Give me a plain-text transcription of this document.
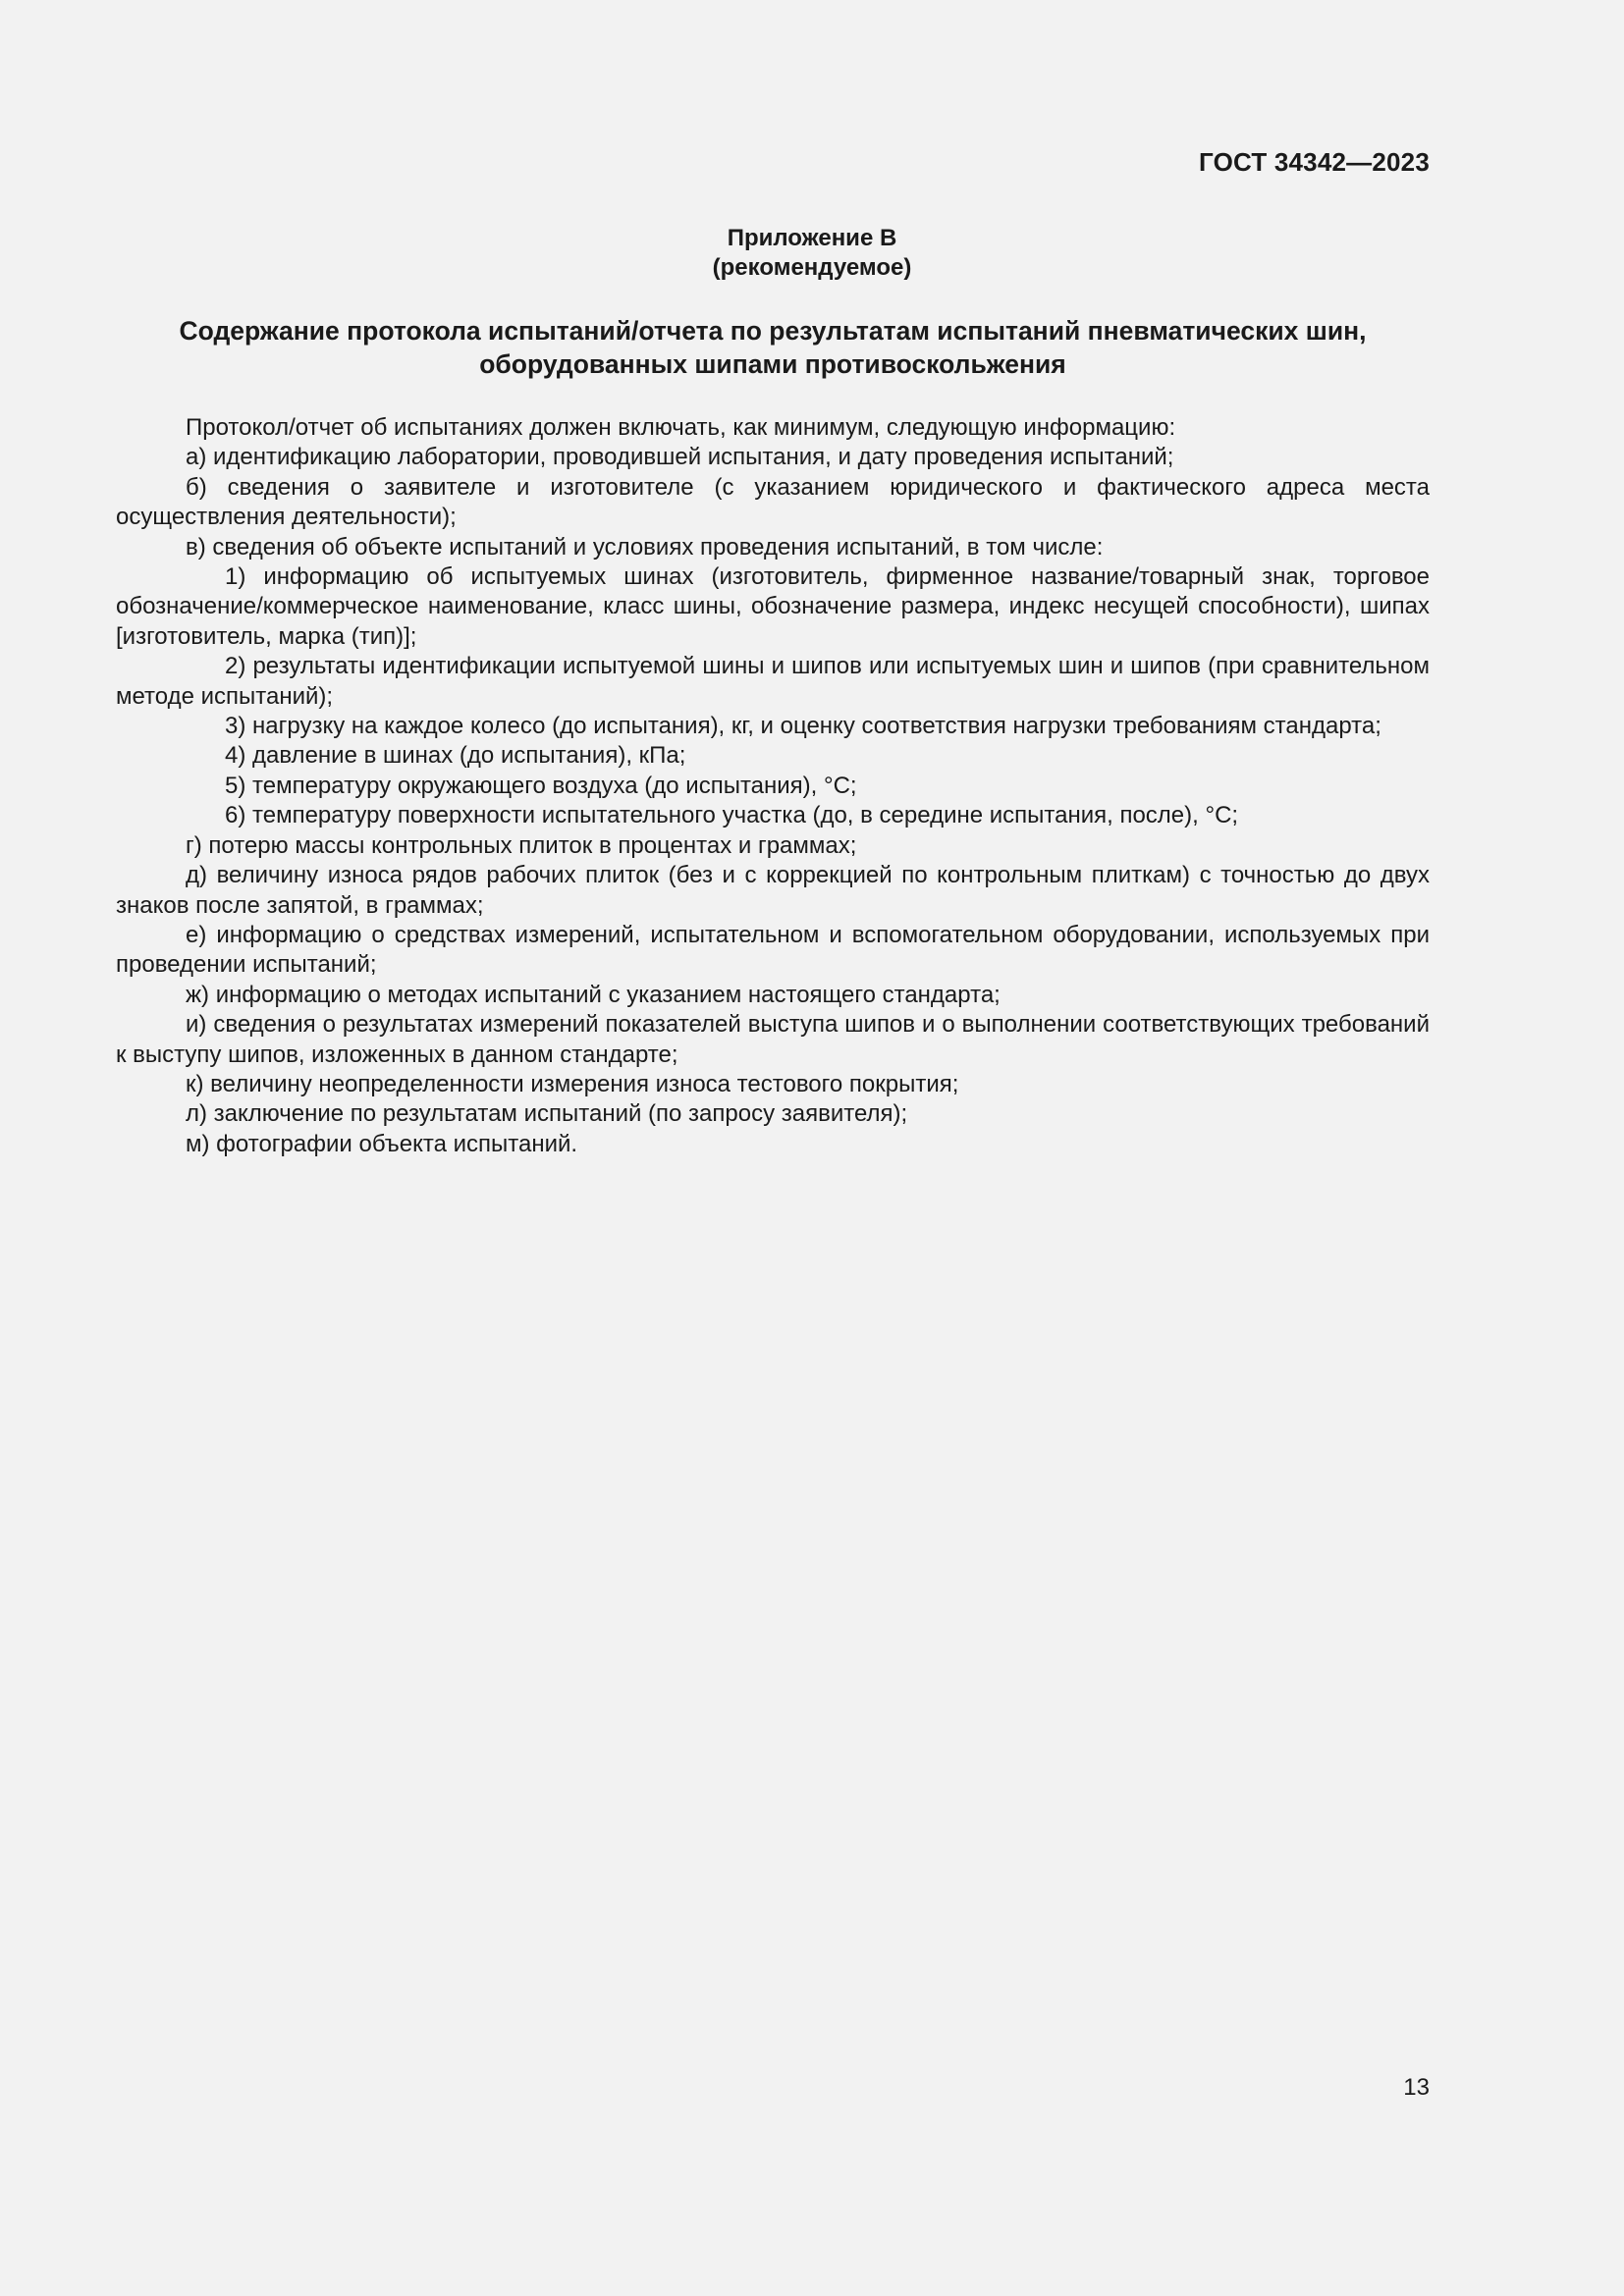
ГОСТ 34342—2023
Приложение В
(рекомендуемое)
Содержание протокола испытаний/отчета по результатам испытаний пневматических шин,
оборудованных шипами противоскольжения

Протокол/отчет об испытаниях должен включать, как минимум, следующую информацию:

а) идентификацию лаборатории, проводившей испытания, и дату проведения испытаний;

б) сведения о заявителе и изготовителе (с указанием юридического и фактического адреса места осуществления деятельности);

в) сведения об объекте испытаний и условиях проведения испытаний, в том числе:

1) информацию об испытуемых шинах (изготовитель, фирменное название/товарный знак, торговое обозначение/коммерческое наименование, класс шины, обозначение размера, индекс несущей способности), шипах [изготовитель, марка (тип)];

2) результаты идентификации испытуемой шины и шипов или испытуемых шин и шипов (при сравнительном методе испытаний);

3) нагрузку на каждое колесо (до испытания), кг, и оценку соответствия нагрузки требованиям стандарта;

4) давление в шинах (до испытания), кПа;

5) температуру окружающего воздуха (до испытания), °С;

6) температуру поверхности испытательного участка (до, в середине испытания, после), °С;

г) потерю массы контрольных плиток в процентах и граммах;

д) величину износа рядов рабочих плиток (без и с коррекцией по контрольным плиткам) с точностью до двух знаков после запятой, в граммах;

е) информацию о средствах измерений, испытательном и вспомогательном оборудовании, используемых при проведении испытаний;

ж) информацию о методах испытаний с указанием настоящего стандарта;

и) сведения о результатах измерений показателей выступа шипов и о выполнении соответствующих требований к выступу шипов, изложенных в данном стандарте;

к) величину неопределенности измерения износа тестового покрытия;

л) заключение по результатам испытаний (по запросу заявителя);

м) фотографии объекта испытаний.

13
